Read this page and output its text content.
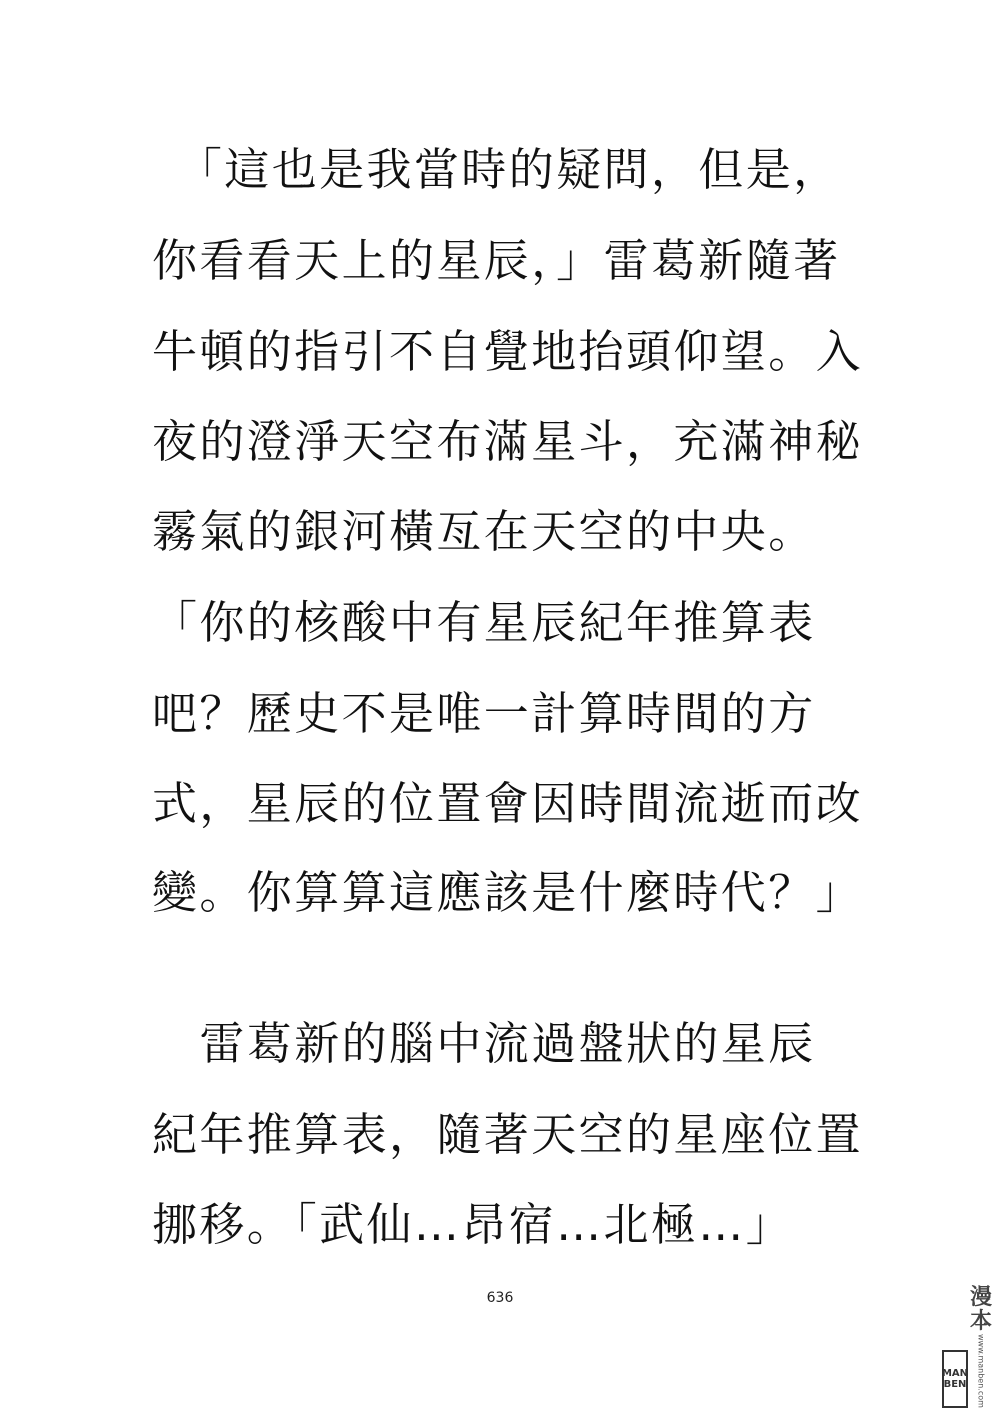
　「這也是我當時的疑問，但是，
你看看天上的星辰，」雷葛新隨著
牛頓的指引不自覺地抬頭仰望。入
夜的澄淨天空布滿星斗，充滿神秘
霧氣的銀河橫亙在天空的中央。
「你的核酸中有星辰紀年推算表
吧？歷史不是唯一計算時間的方
式，星辰的位置會因時間流逝而改
變。你算算這應該是什麼時代？」
　雷葛新的腦中流過盤狀的星辰
紀年推算表，隨著天空的星座位置
挪移。「武仙…昂宿…北極…」
636
MAN
BEN
漫
本
www.manben.com
